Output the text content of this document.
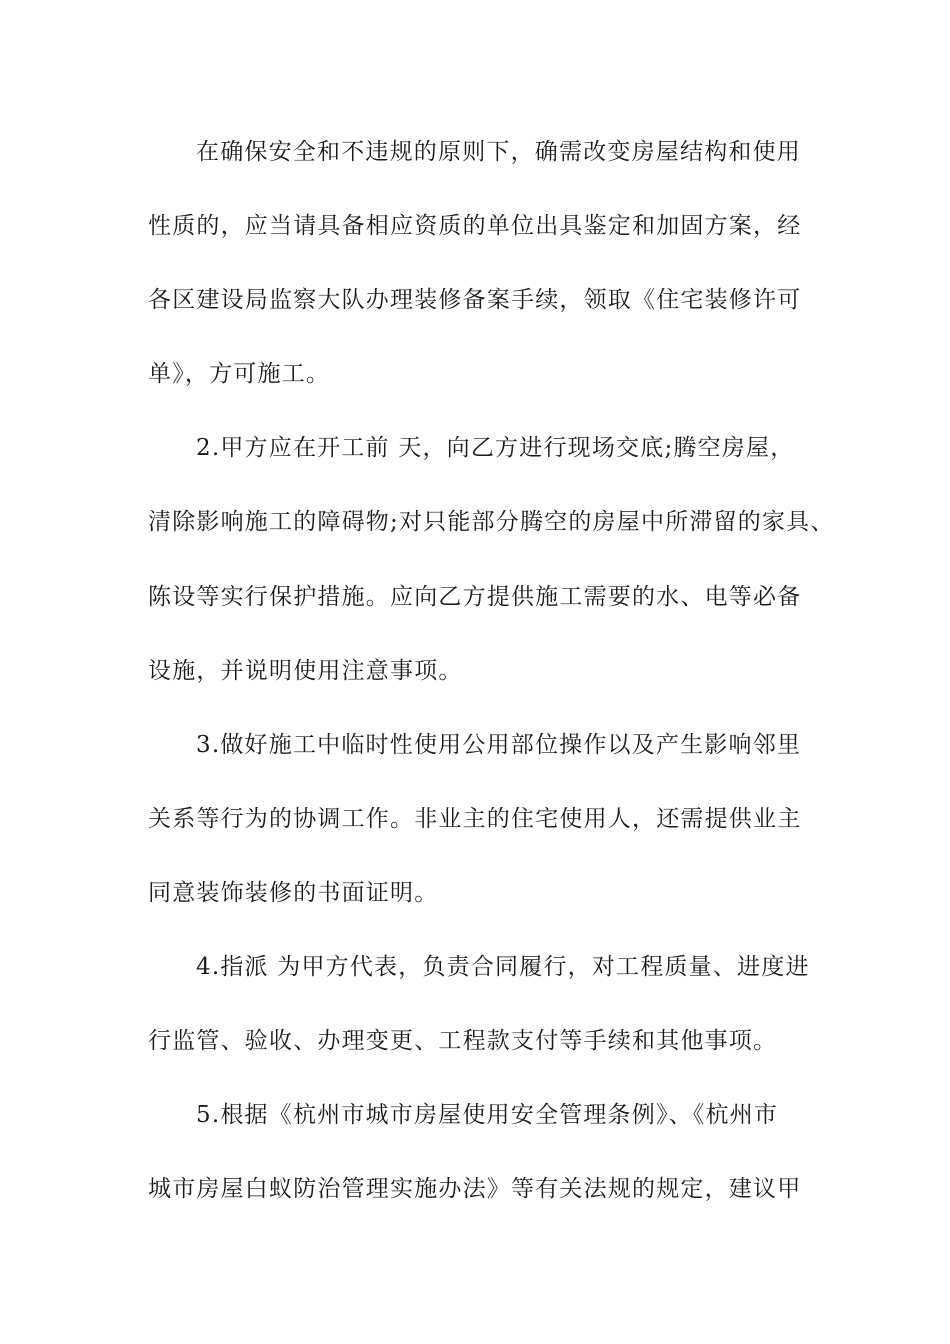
在确保安全和不违规的原则下，确需改变房屋结构和使用
性质的，应当请具备相应资质的单位出具鉴定和加固方案，经
各区建设局监察大队办理装修备案手续，领取《住宅装修许可
单》，方可施工。
2.甲方应在开工前 天，向乙方进行现场交底;腾空房屋，
清除影响施工的障碍物;对只能部分腾空的房屋中所滞留的家具、
陈设等实行保护措施。应向乙方提供施工需要的水、电等必备
设施，并说明使用注意事项。
3.做好施工中临时性使用公用部位操作以及产生影响邻里
关系等行为的协调工作。非业主的住宅使用人，还需提供业主
同意装饰装修的书面证明。
4.指派 为甲方代表，负责合同履行，对工程质量、进度进
行监管、验收、办理变更、工程款支付等手续和其他事项。
5.根据《杭州市城市房屋使用安全管理条例》、《杭州市
城市房屋白蚁防治管理实施办法》等有关法规的规定，建议甲
